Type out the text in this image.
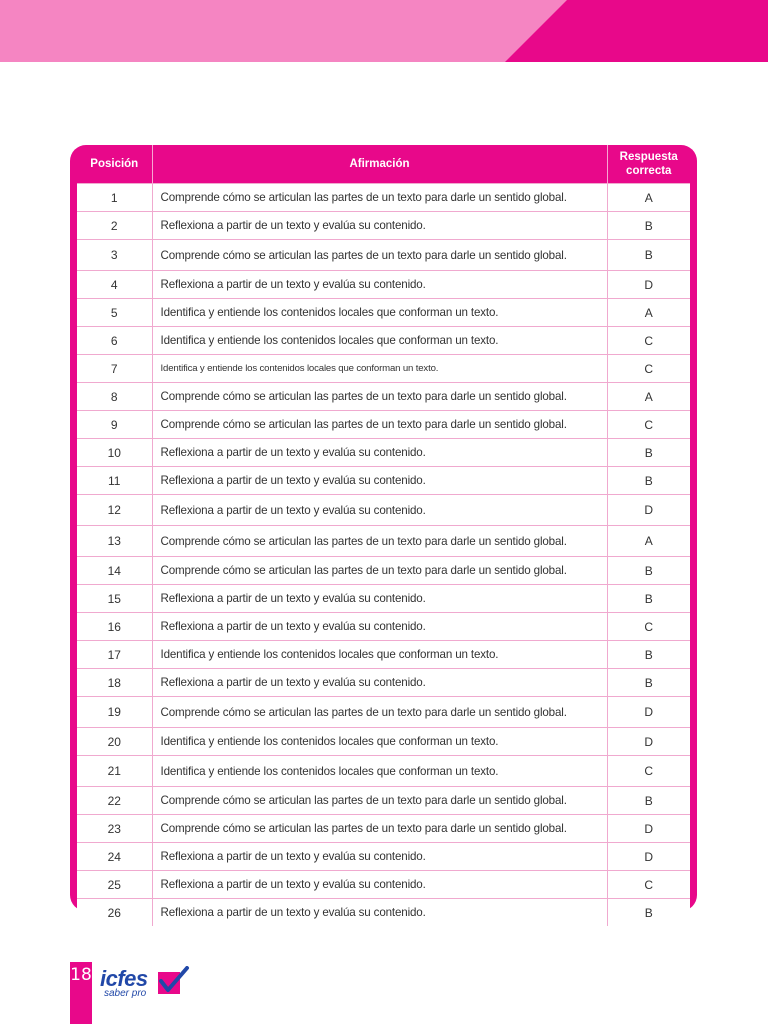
Posición	Afirmación	Respuesta
correcta

1	Comprende cómo se articulan las partes de un texto para darle un sentido global.	A
2	Reflexiona a partir de un texto y evalúa su contenido.	B
3	Comprende cómo se articulan las partes de un texto para darle un sentido global.	B
4	Reflexiona a partir de un texto y evalúa su contenido.	D
5	Identifica y entiende los contenidos locales que conforman un texto.	A
6	Identifica y entiende los contenidos locales que conforman un texto.	C
7	Identifica y entiende los contenidos locales que conforman un texto.	C
8	Comprende cómo se articulan las partes de un texto para darle un sentido global.	A
9	Comprende cómo se articulan las partes de un texto para darle un sentido global.	C
10	Reflexiona a partir de un texto y evalúa su contenido.	B
11	Reflexiona a partir de un texto y evalúa su contenido.	B
12	Reflexiona a partir de un texto y evalúa su contenido.	D
13	Comprende cómo se articulan las partes de un texto para darle un sentido global.	A
14	Comprende cómo se articulan las partes de un texto para darle un sentido global.	B
15	Reflexiona a partir de un texto y evalúa su contenido.	B
16	Reflexiona a partir de un texto y evalúa su contenido.	C
17	Identifica y entiende los contenidos locales que conforman un texto.	B
18	Reflexiona a partir de un texto y evalúa su contenido.	B
19	Comprende cómo se articulan las partes de un texto para darle un sentido global.	D
20	Identifica y entiende los contenidos locales que conforman un texto.	D
21	Identifica y entiende los contenidos locales que conforman un texto.	C
22	Comprende cómo se articulan las partes de un texto para darle un sentido global.	B
23	Comprende cómo se articulan las partes de un texto para darle un sentido global.	D
24	Reflexiona a partir de un texto y evalúa su contenido.	D
25	Reflexiona a partir de un texto y evalúa su contenido.	C
26	Reflexiona a partir de un texto y evalúa su contenido.	B
18 icfes
saber pro
